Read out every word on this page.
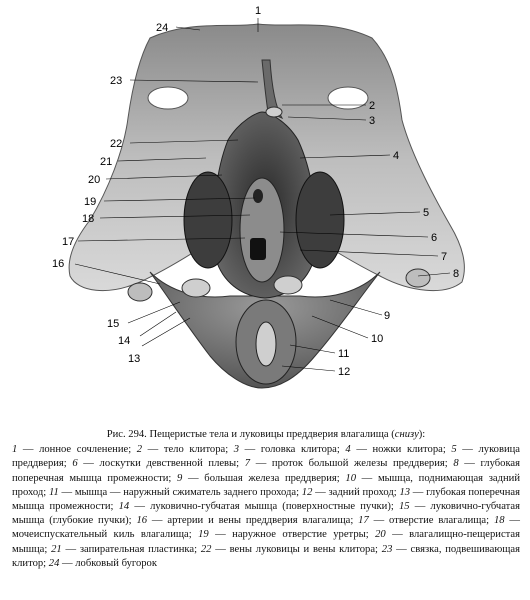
1
2
3
4
5
6
7
8
9
10
11
12
13
14
15
16
17
18
19
20
21
22
23
24
Рис. 294. Пещеристые тела и луковицы преддверия влагалища (снизу):
1 — лонное сочленение; 2 — тело клитора; 3 — головка клитора; 4 — ножки клитора; 5 — луковица преддверия; 6 — лоскутки девственной плевы; 7 — проток большой железы преддверия; 8 — глубокая поперечная мышца промежности; 9 — большая железа преддверия; 10 — мышца, поднимающая задний проход; 11 — мышца — наружный сжиматель заднего прохода; 12 — задний проход; 13 — глубокая поперечная мышца промежности; 14 — луковично-губчатая мышца (поверхностные пучки); 15 — луковично-губчатая мышца (глубокие пучки); 16 — артерии и вены преддверия влагалища; 17 — отверстие влагалища; 18 — мочеиспускательный киль влагалища; 19 — наружное отверстие уретры; 20 — влагалищно-пещеристая мышца; 21 — запирательная пластинка; 22 — вены луковицы и вены клитора; 23 — связка, подвешивающая клитор; 24 — лобковый бугорок
